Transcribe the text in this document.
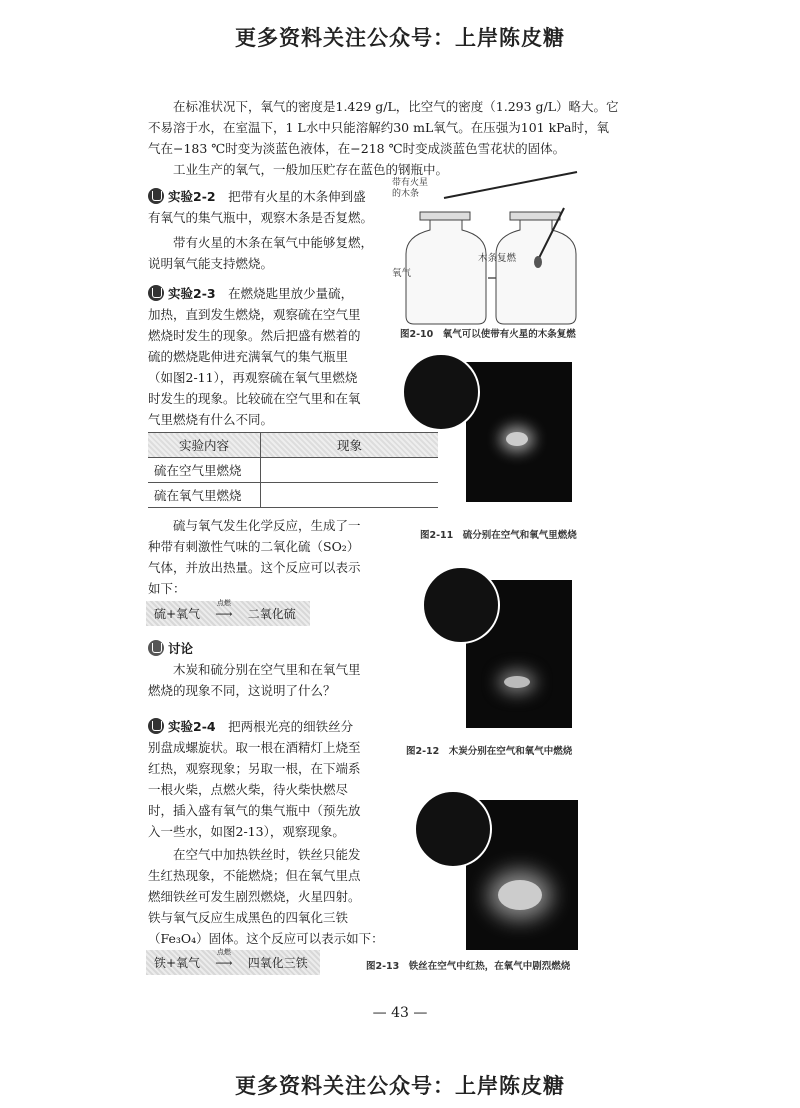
更多资料关注公众号：上岸陈皮糖
在标准状况下，氧气的密度是1.429 g/L，比空气的密度（1.293 g/L）略大。它
不易溶于水，在室温下，1 L水中只能溶解约30 mL氧气。在压强为101 kPa时，氧
气在−183 ℃时变为淡蓝色液体，在−218 ℃时变成淡蓝色雪花状的固体。
工业生产的氧气，一般加压贮存在蓝色的钢瓶中。
实验2-2　 把带有火星的木条伸到盛
有氧气的集气瓶中，观察木条是否复燃。
带有火星的木条在氧气中能够复燃，
说明氧气能支持燃烧。
带有火星
的木条
氧气
木条复燃
图2-10　氧气可以使带有火星的木条复燃
实验2-3　 在燃烧匙里放少量硫，
加热，直到发生燃烧，观察硫在空气里
燃烧时发生的现象。然后把盛有燃着的
硫的燃烧匙伸进充满氧气的集气瓶里
（如图2-11），再观察硫在氧气里燃烧
时发生的现象。比较硫在空气里和在氧
气里燃烧有什么不同。
实验内容	现象
硫在空气里燃烧	
硫在氧气里燃烧	
图2-11　硫分别在空气和氧气里燃烧
硫与氧气发生化学反应，生成了一
种带有刺激性气味的二氧化硫（SO₂）
气体，并放出热量。这个反应可以表示
如下：
硫+氧气
点燃
⟶ 二氧化硫
讨论
木炭和硫分别在空气里和在氧气里
燃烧的现象不同，这说明了什么？
图2-12　木炭分别在空气和氧气中燃烧
实验2-4　 把两根光亮的细铁丝分
别盘成螺旋状。取一根在酒精灯上烧至
红热，观察现象；另取一根，在下端系
一根火柴，点燃火柴，待火柴快燃尽
时，插入盛有氧气的集气瓶中（预先放
入一些水，如图2-13），观察现象。
在空气中加热铁丝时，铁丝只能发
生红热现象，不能燃烧；但在氧气里点
燃细铁丝可发生剧烈燃烧，火星四射。
铁与氧气反应生成黑色的四氧化三铁
（Fe₃O₄）固体。这个反应可以表示如下：
铁+氧气
点燃
⟶ 四氧化三铁	图2-13　铁丝在空气中红热，在氧气中剧烈燃烧
— 43 —
更多资料关注公众号：上岸陈皮糖
